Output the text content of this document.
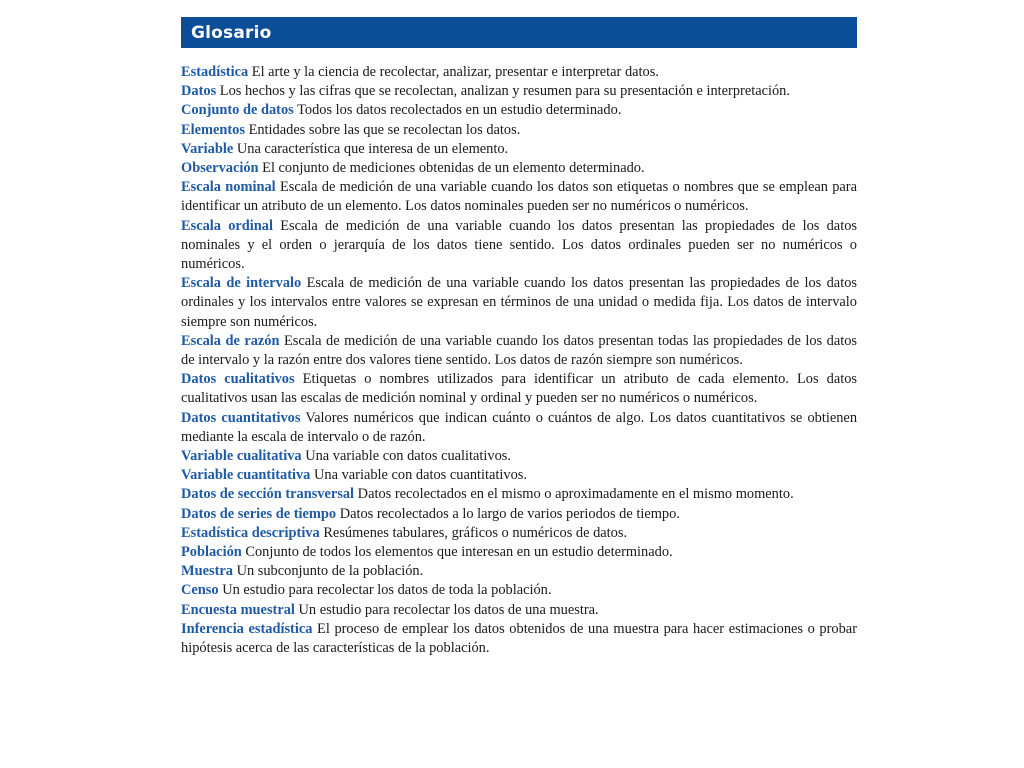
Glosario

Estadística El arte y la ciencia de recolectar, analizar, presentar e interpretar datos.

Datos Los hechos y las cifras que se recolectan, analizan y resumen para su presentación e interpretación.

Conjunto de datos Todos los datos recolectados en un estudio determinado.

Elementos Entidades sobre las que se recolectan los datos.

Variable Una característica que interesa de un elemento.

Observación El conjunto de mediciones obtenidas de un elemento determinado.

Escala nominal Escala de medición de una variable cuando los datos son etiquetas o nombres que se emplean para identificar un atributo de un elemento. Los datos nominales pueden ser no numéricos o numéricos.

Escala ordinal Escala de medición de una variable cuando los datos presentan las propiedades de los datos nominales y el orden o jerarquía de los datos tiene sentido. Los datos ordinales pueden ser no numéricos o numéricos.

Escala de intervalo Escala de medición de una variable cuando los datos presentan las propiedades de los datos ordinales y los intervalos entre valores se expresan en términos de una unidad o medida fija. Los datos de intervalo siempre son numéricos.

Escala de razón Escala de medición de una variable cuando los datos presentan todas las propiedades de los datos de intervalo y la razón entre dos valores tiene sentido. Los datos de razón siempre son numéricos.

Datos cualitativos Etiquetas o nombres utilizados para identificar un atributo de cada elemento. Los datos cualitativos usan las escalas de medición nominal y ordinal y pueden ser no numéricos o numéricos.

Datos cuantitativos Valores numéricos que indican cuánto o cuántos de algo. Los datos cuantitativos se obtienen mediante la escala de intervalo o de razón.

Variable cualitativa Una variable con datos cualitativos.

Variable cuantitativa Una variable con datos cuantitativos.

Datos de sección transversal Datos recolectados en el mismo o aproximadamente en el mismo momento.

Datos de series de tiempo Datos recolectados a lo largo de varios periodos de tiempo.

Estadística descriptiva Resúmenes tabulares, gráficos o numéricos de datos.

Población Conjunto de todos los elementos que interesan en un estudio determinado.

Muestra Un subconjunto de la población.

Censo Un estudio para recolectar los datos de toda la población.

Encuesta muestral Un estudio para recolectar los datos de una muestra.

Inferencia estadística El proceso de emplear los datos obtenidos de una muestra para hacer estimaciones o probar hipótesis acerca de las características de la población.
